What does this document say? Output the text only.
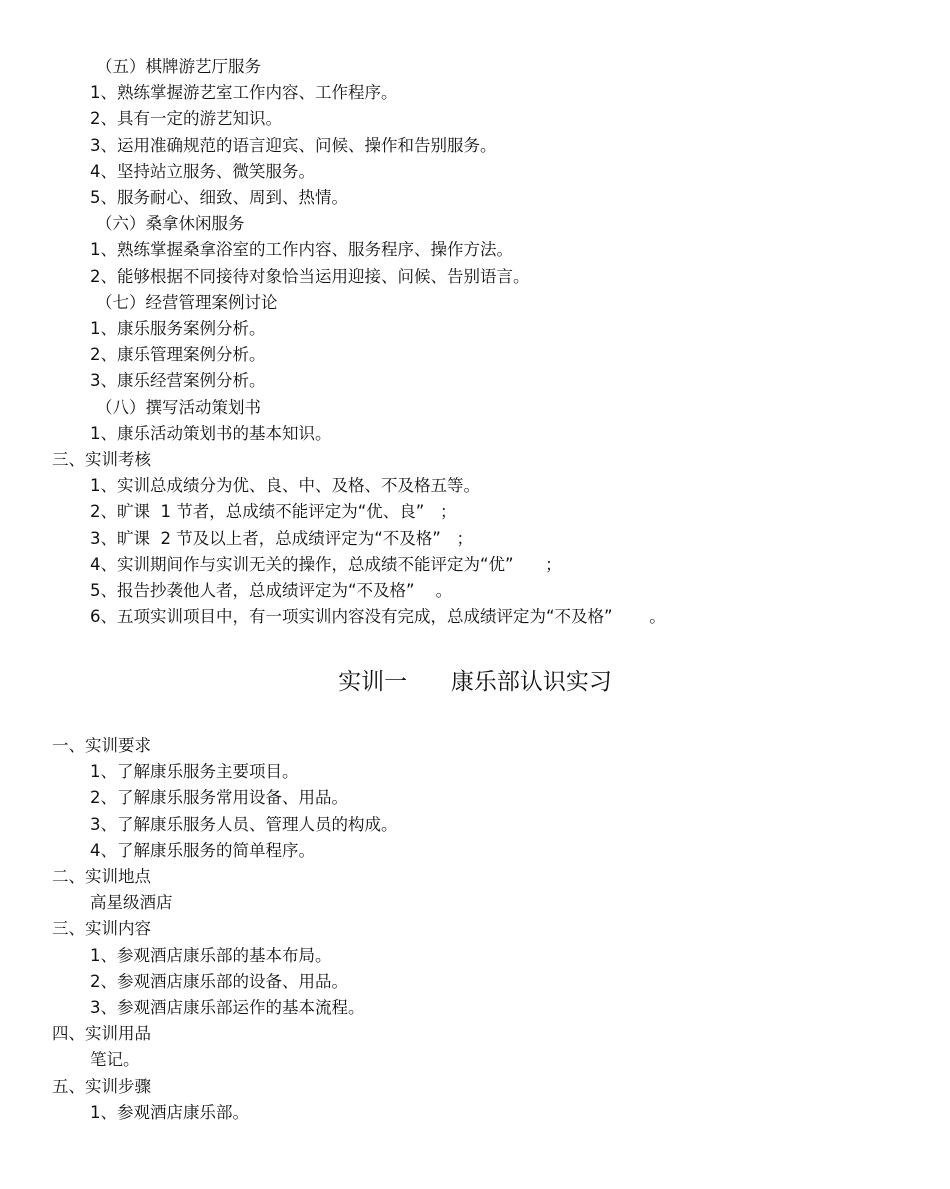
（五）棋牌游艺厅服务
1、熟练掌握游艺室工作内容、工作程序。
2、具有一定的游艺知识。
3、运用准确规范的语言迎宾、问候、操作和告别服务。
4、坚持站立服务、微笑服务。
5、服务耐心、细致、周到、热情。
（六）桑拿休闲服务
1、熟练掌握桑拿浴室的工作内容、服务程序、操作方法。
2、能够根据不同接待对象恰当运用迎接、问候、告别语言。
（七）经营管理案例讨论
1、康乐服务案例分析。
2、康乐管理案例分析。
3、康乐经营案例分析。
（八）撰写活动策划书
1、康乐活动策划书的基本知识。
三、实训考核
1、实训总成绩分为优、良、中、及格、不及格五等。
2、旷课  1 节者，总成绩不能评定为“优、良”   ；
3、旷课  2 节及以上者，总成绩评定为“不及格”   ；
4、实训期间作与实训无关的操作，总成绩不能评定为“优”      ；
5、报告抄袭他人者，总成绩评定为“不及格”    。
6、五项实训项目中，有一项实训内容没有完成，总成绩评定为“不及格”       。
实训一      康乐部认识实习
一、实训要求
1、了解康乐服务主要项目。
2、了解康乐服务常用设备、用品。
3、了解康乐服务人员、管理人员的构成。
4、了解康乐服务的简单程序。
二、实训地点
高星级酒店
三、实训内容
1、参观酒店康乐部的基本布局。
2、参观酒店康乐部的设备、用品。
3、参观酒店康乐部运作的基本流程。
四、实训用品
笔记。
五、实训步骤
1、参观酒店康乐部。
